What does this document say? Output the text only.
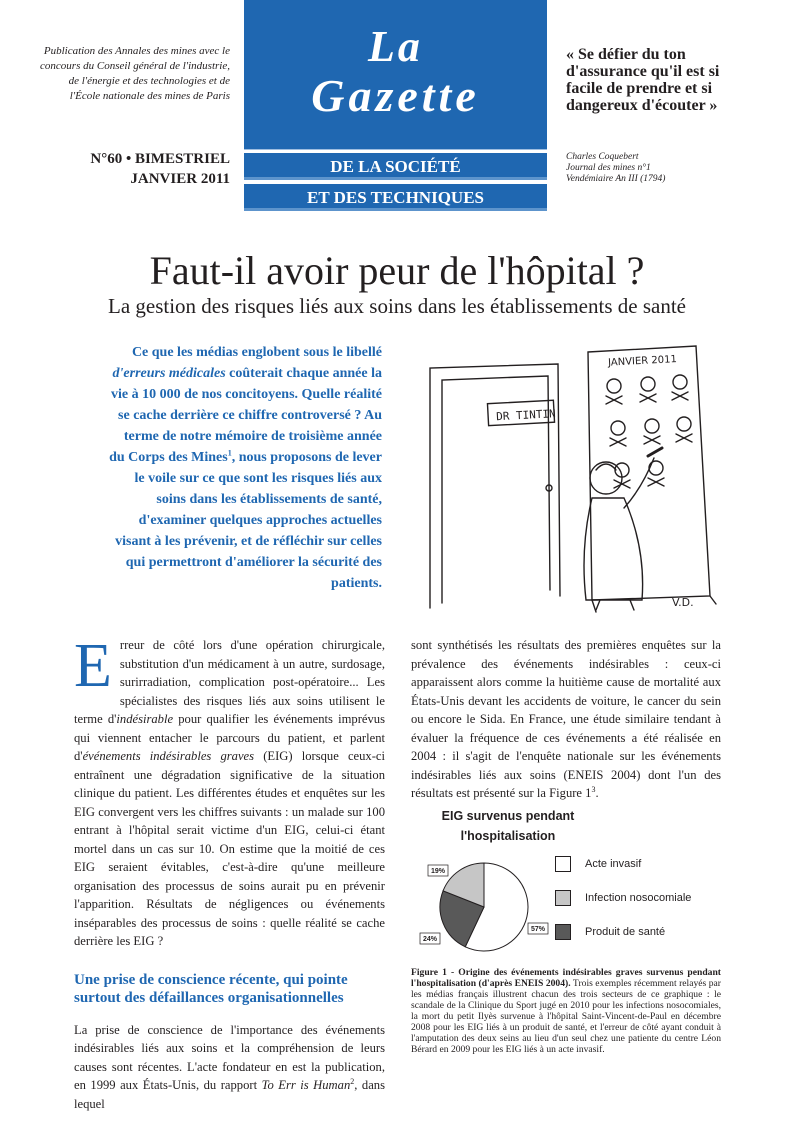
Publication des Annales des mines avec le concours du Conseil général de l'industrie, de l'énergie et des technologies et de l'École nationale des mines de Paris
N°60 • BIMESTRIEL
JANVIER 2011
La
Gazette
DE LA SOCIÉTÉ
ET DES TECHNIQUES
« Se défier du ton d'assurance qu'il est si facile de prendre et si dangereux d'écouter »
Charles Coquebert
Journal des mines n°1
Vendémiaire An III (1794)
Faut-il avoir peur de l'hôpital ?
La gestion des risques liés aux soins dans les établissements de santé
Ce que les médias englobent sous le libellé d'erreurs médicales coûterait chaque année la vie à 10 000 de nos concitoyens. Quelle réalité se cache derrière ce chiffre controversé ? Au terme de notre mémoire de troisième année du Corps des Mines$^1$, nous proposons de lever le voile sur ce que sont les risques liés aux soins dans les établissements de santé, d'examiner quelques approches actuelles visant à les prévenir, et de réfléchir sur celles qui permettront d'améliorer la sécurité des patients.
DR TINTIN
JANVIER 2011
V.D.

Erreur de côté lors d'une opération chirurgicale, substitution d'un médicament à un autre, surdosage, surirradiation, complication post-opératoire... Les spécialistes des risques liés aux soins utilisent le terme d'indésirable pour qualifier les événements imprévus qui viennent entacher le parcours du patient, et parlent d'événements indésirables graves (EIG) lorsque ceux-ci entraînent une dégradation significative de la situation clinique du patient. Les différentes études et enquêtes sur les EIG convergent vers les chiffres suivants : un malade sur 100 entrant à l'hôpital serait victime d'un EIG, celui-ci étant mortel dans un cas sur 10. On estime que la moitié de ces EIG seraient évitables, c'est-à-dire qu'une meilleure organisation des processus de soins aurait pu en prévenir l'apparition. Résultats de négligences ou événements inséparables des processus de soins : quelle réalité se cache derrière les EIG ?

Une prise de conscience récente, qui pointe surtout des défaillances organisationnelles

La prise de conscience de l'importance des événements indésirables liés aux soins et la compréhension de leurs causes sont récentes. L'acte fondateur en est la publication, en 1999 aux États-Unis, du rapport To Err is Human$^2$, dans lequel

sont synthétisés les résultats des premières enquêtes sur la prévalence des événements indésirables : ceux-ci apparaissent alors comme la huitième cause de mortalité aux États-Unis devant les accidents de voiture, le cancer du sein ou encore le Sida. En France, une étude similaire tendant à évaluer la fréquence de ces événements a été réalisée en 2004 : il s'agit de l'enquête nationale sur les événements indésirables liés aux soins (ENEIS 2004) dont l'un des résultats est présenté sur la Figure $1^3$.

EIG survenus pendant
l'hospitalisation
57%
24%
19%
Acte invasif
Infection nosocomiale
Produit de santé
Figure 1 - Origine des événements indésirables graves survenus pendant l'hospitalisation (d'après ENEIS 2004). Trois exemples récemment relayés par les médias français illustrent chacun des trois secteurs de ce graphique : le scandale de la Clinique du Sport jugé en 2010 pour les infections nosocomiales, la mort du petit Ilyès survenue à l'hôpital Saint-Vincent-de-Paul en décembre 2008 pour les EIG liés à un produit de santé, et l'erreur de côté ayant conduit à l'amputation des deux seins au lieu d'un seul chez une patiente du centre Léon Bérard en 2009 pour les EIG liés à un acte invasif.
